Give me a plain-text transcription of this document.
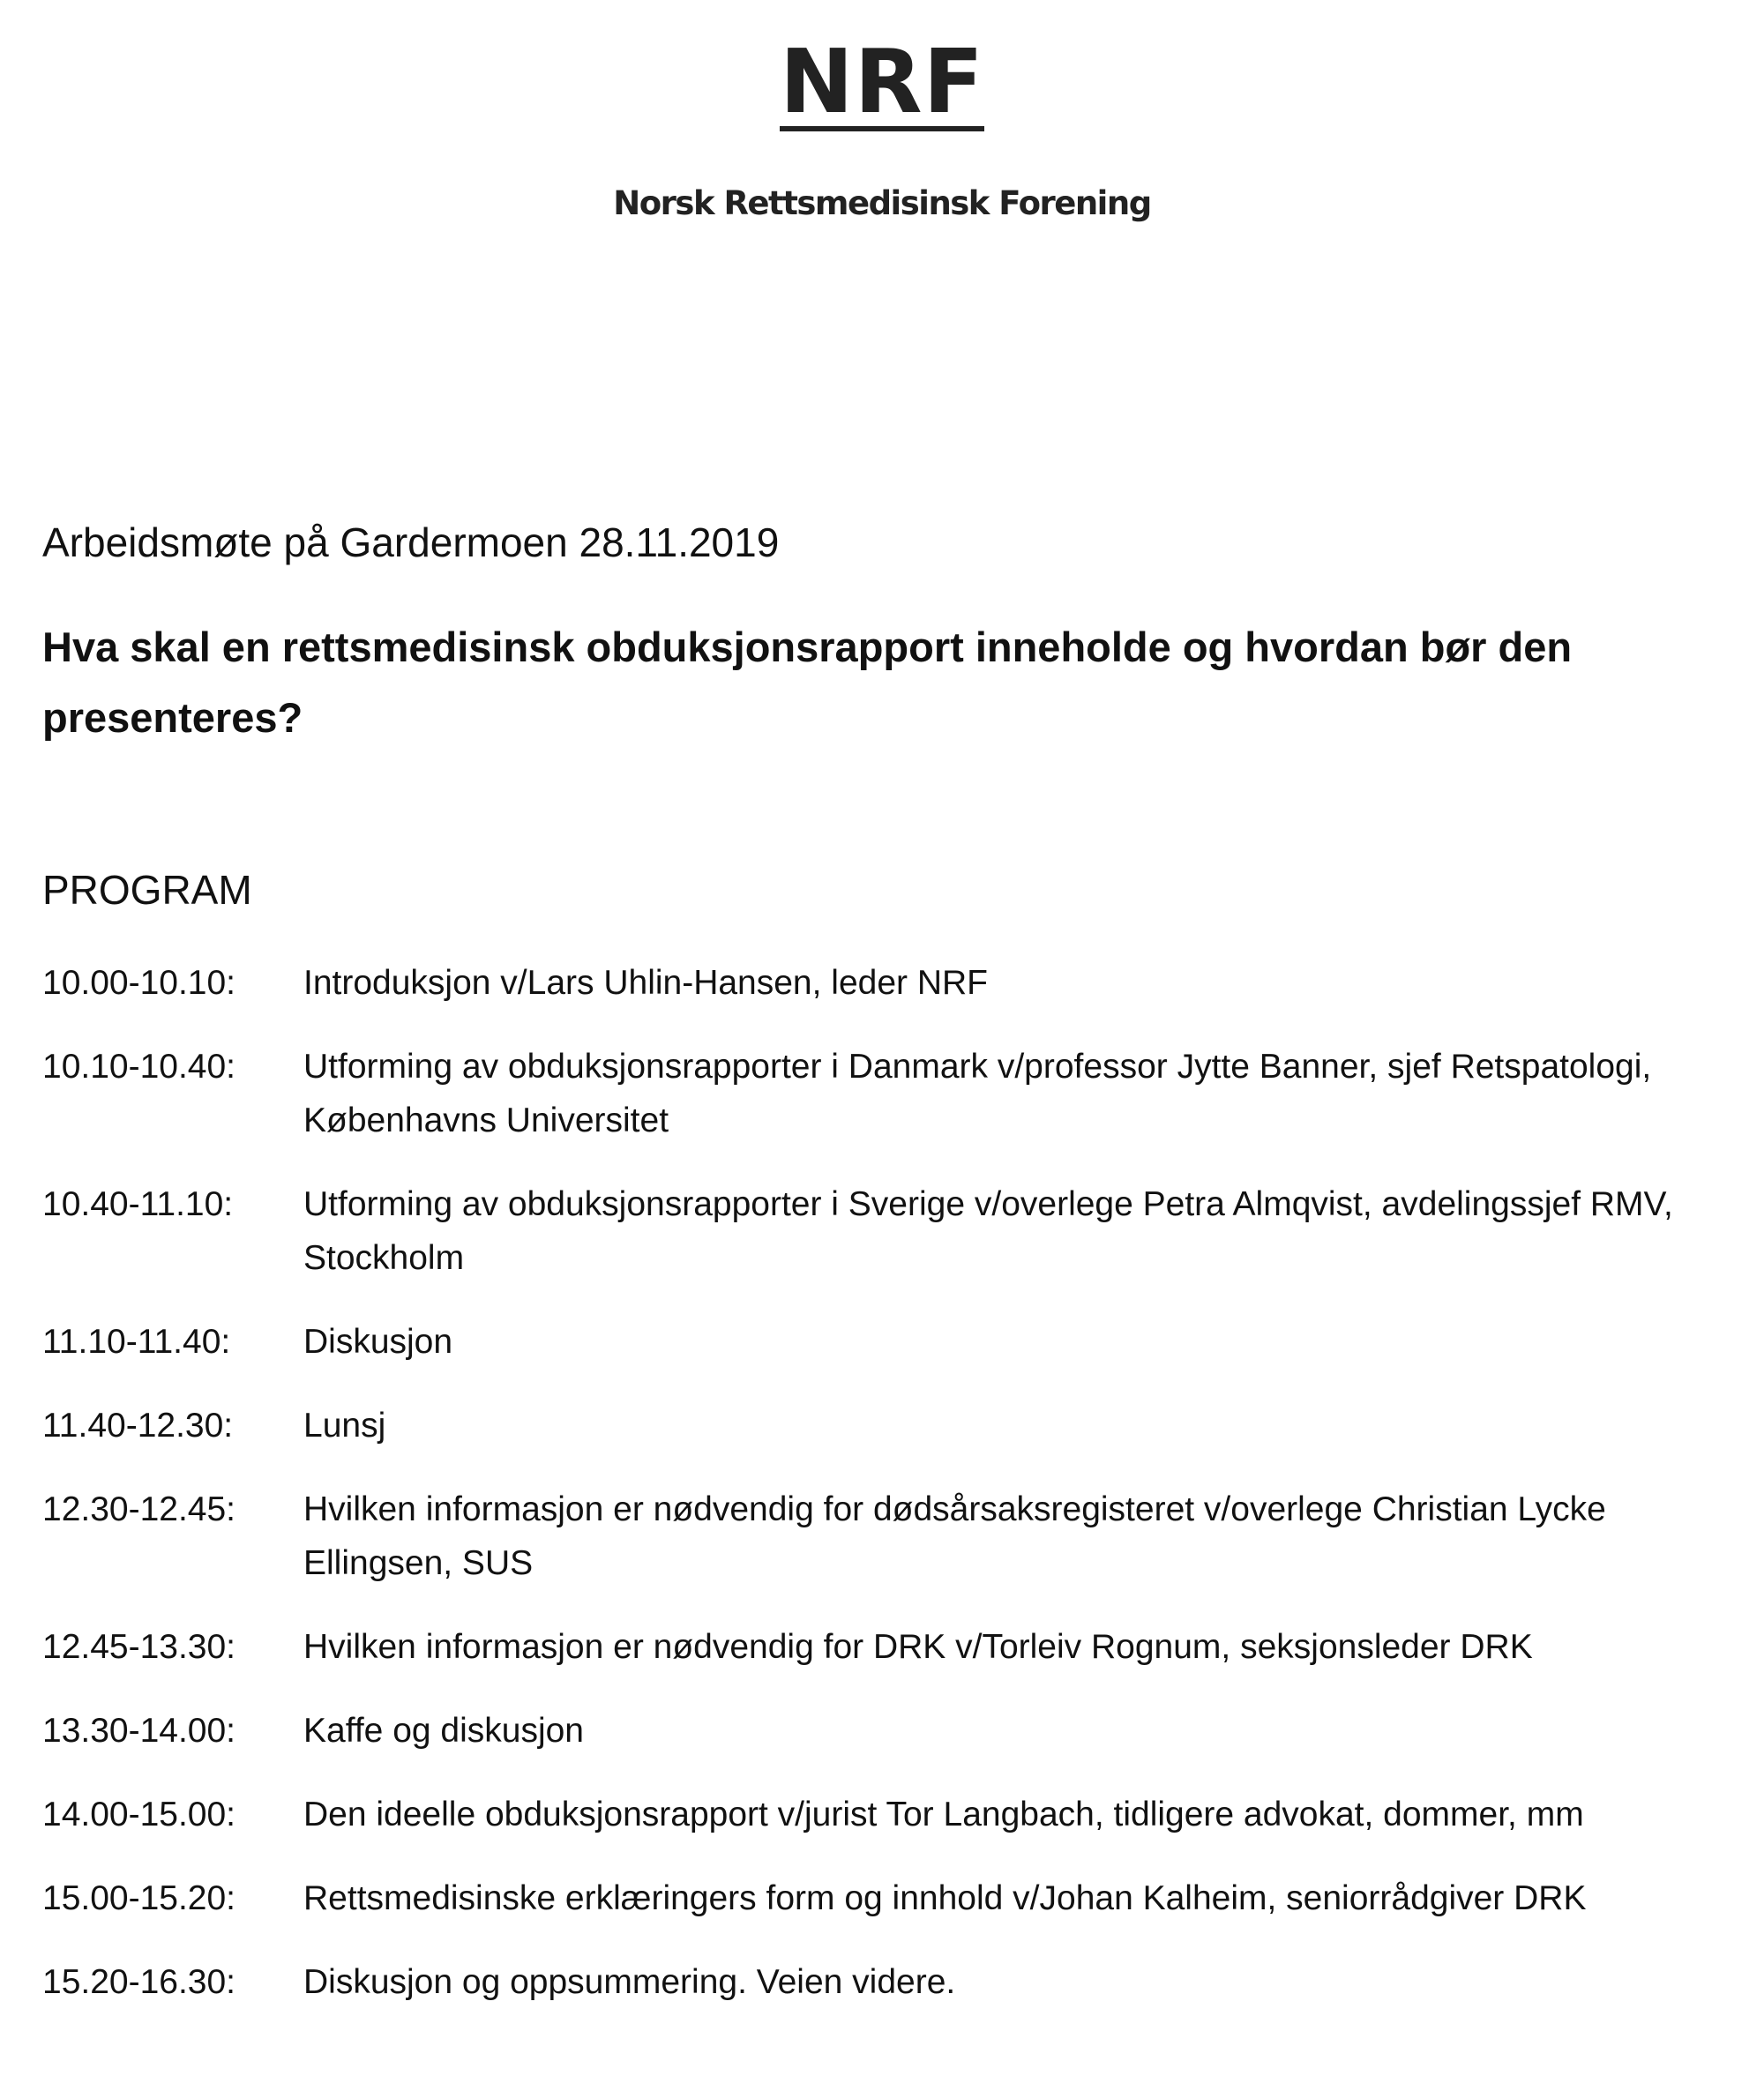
NRF
Norsk Rettsmedisinsk Forening
Arbeidsmøte på Gardermoen 28.11.2019
Hva skal en rettsmedisinsk obduksjonsrapport inneholde og hvordan bør den presenteres?
PROGRAM
10.00-10.10:	Introduksjon v/Lars Uhlin-Hansen, leder NRF
10.10-10.40:	Utforming av obduksjonsrapporter i Danmark v/professor Jytte Banner, sjef Retspatologi, Københavns Universitet
10.40-11.10:	Utforming av obduksjonsrapporter i Sverige v/overlege Petra Almqvist, avdelingssjef RMV, Stockholm
11.10-11.40:	Diskusjon
11.40-12.30:	Lunsj
12.30-12.45:	Hvilken informasjon er nødvendig for dødsårsaksregisteret v/overlege Christian Lycke Ellingsen, SUS
12.45-13.30:	Hvilken informasjon er nødvendig for DRK v/Torleiv Rognum, seksjonsleder DRK
13.30-14.00:	Kaffe og diskusjon
14.00-15.00:	Den ideelle obduksjonsrapport v/jurist Tor Langbach, tidligere advokat, dommer, mm
15.00-15.20:	Rettsmedisinske erklæringers form og innhold v/Johan Kalheim, seniorrådgiver DRK
15.20-16.30:	Diskusjon og oppsummering. Veien videre.
